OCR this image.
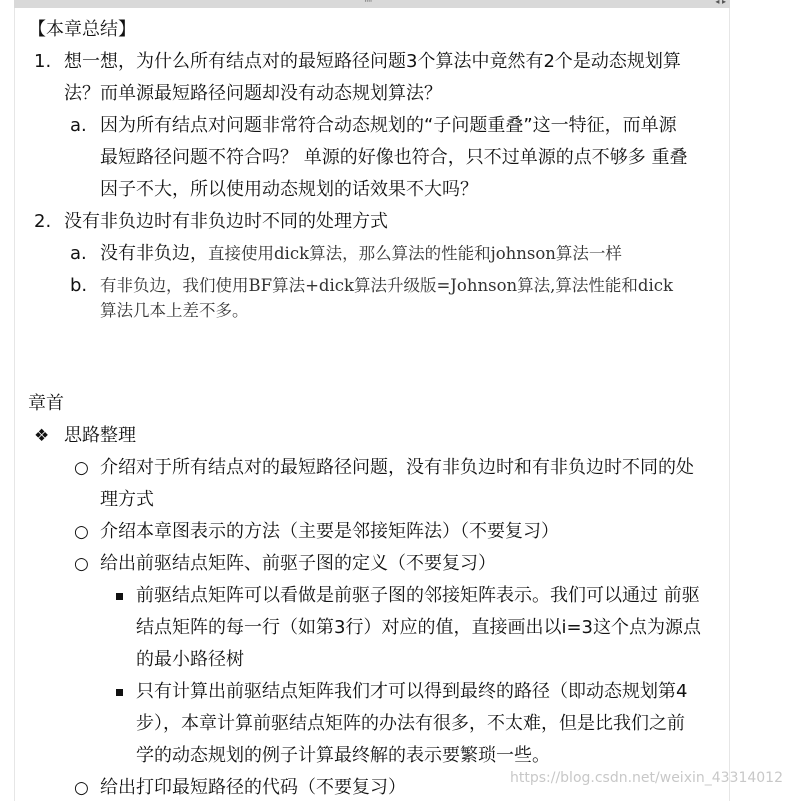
····	◂ ▸
【本章总结】
1. 想一想，为什么所有结点对的最短路径问题3个算法中竟然有2个是动态规划算
法？而单源最短路径问题却没有动态规划算法？
a. 因为所有结点对问题非常符合动态规划的“子问题重叠”这一特征，而单源
最短路径问题不符合吗？ 单源的好像也符合，只不过单源的点不够多 重叠
因子不大，所以使用动态规划的话效果不大吗？
2. 没有非负边时有非负边时不同的处理方式
a. 没有非负边，直接使用dick算法，那么算法的性能和johnson算法一样
b. 有非负边，我们使用BF算法+dick算法升级版=Johnson算法,算法性能和dick
算法几本上差不多。
章首
❖ 思路整理
○ 介绍对于所有结点对的最短路径问题，没有非负边时和有非负边时不同的处
理方式
○ 介绍本章图表示的方法（主要是邻接矩阵法）（不要复习）
○ 给出前驱结点矩阵、前驱子图的定义（不要复习）
前驱结点矩阵可以看做是前驱子图的邻接矩阵表示。我们可以通过 前驱
结点矩阵的每一行（如第3行）对应的值，直接画出以i=3这个点为源点
的最小路径树
只有计算出前驱结点矩阵我们才可以得到最终的路径（即动态规划第4
步），本章计算前驱结点矩阵的办法有很多，不太难，但是比我们之前
学的动态规划的例子计算最终解的表示要繁琐一些。
○ 给出打印最短路径的代码（不要复习）	https://blog.csdn.net/weixin_43314012
